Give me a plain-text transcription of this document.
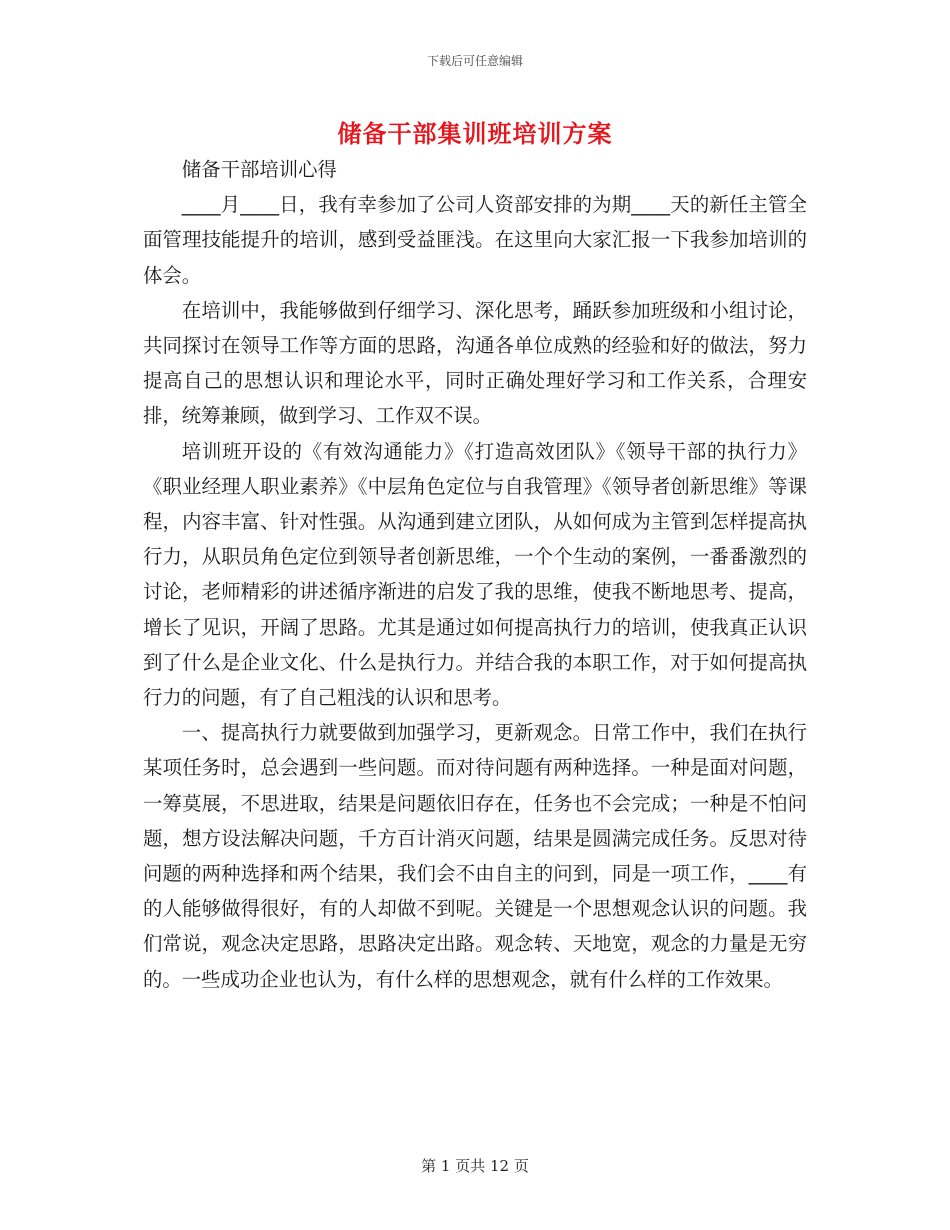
下载后可任意编辑
储备干部集训班培训方案

储备干部培训心得

____月____日，我有幸参加了公司人资部安排的为期____天的新任主管全面管理技能提升的培训，感到受益匪浅。在这里向大家汇报一下我参加培训的体会。

在培训中，我能够做到仔细学习、深化思考，踊跃参加班级和小组讨论，共同探讨在领导工作等方面的思路，沟通各单位成熟的经验和好的做法，努力提高自己的思想认识和理论水平，同时正确处理好学习和工作关系，合理安排，统筹兼顾，做到学习、工作双不误。

培训班开设的《有效沟通能力》《打造高效团队》《领导干部的执行力》《职业经理人职业素养》《中层角色定位与自我管理》《领导者创新思维》等课程，内容丰富、针对性强。从沟通到建立团队，从如何成为主管到怎样提高执行力，从职员角色定位到领导者创新思维，一个个生动的案例，一番番激烈的讨论，老师精彩的讲述循序渐进的启发了我的思维，使我不断地思考、提高，增长了见识，开阔了思路。尤其是通过如何提高执行力的培训，使我真正认识到了什么是企业文化、什么是执行力。并结合我的本职工作，对于如何提高执行力的问题，有了自己粗浅的认识和思考。

一、提高执行力就要做到加强学习，更新观念。日常工作中，我们在执行某项任务时，总会遇到一些问题。而对待问题有两种选择。一种是面对问题，一筹莫展，不思进取，结果是问题依旧存在，任务也不会完成；一种是不怕问题，想方设法解决问题，千方百计消灭问题，结果是圆满完成任务。反思对待问题的两种选择和两个结果，我们会不由自主的问到，同是一项工作，____有的人能够做得很好，有的人却做不到呢。关键是一个思想观念认识的问题。我们常说，观念决定思路，思路决定出路。观念转、天地宽，观念的力量是无穷的。一些成功企业也认为，有什么样的思想观念，就有什么样的工作效果。

第 1 页共 12 页
